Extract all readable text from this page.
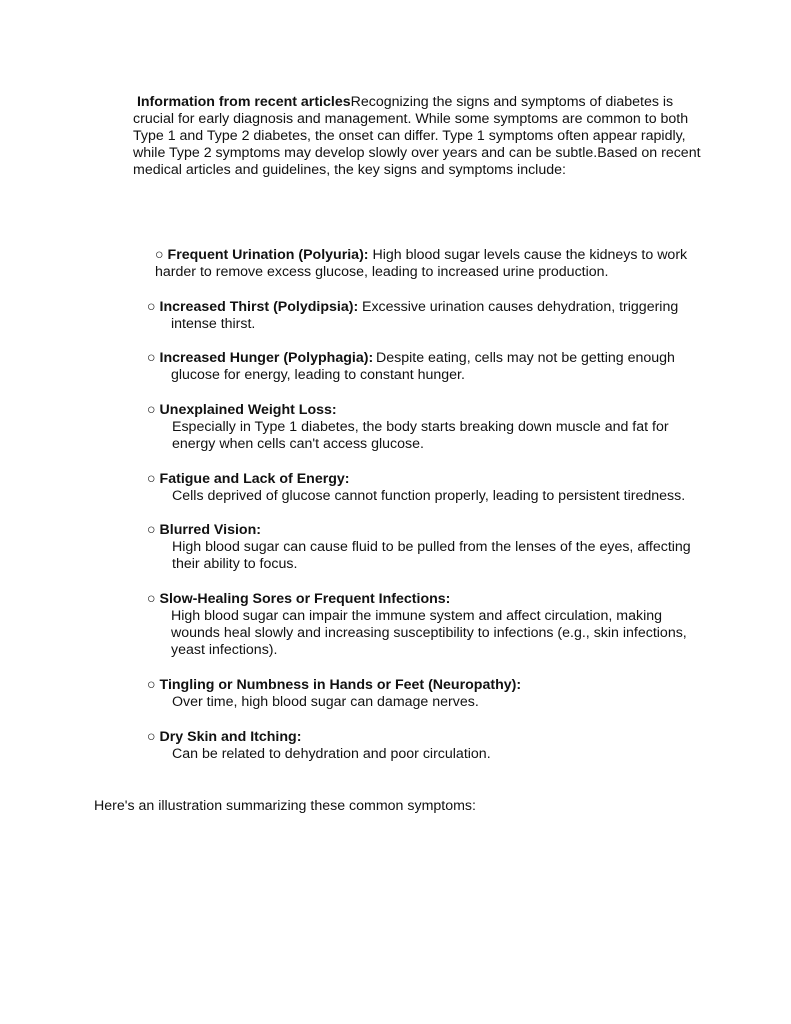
Information from recent articlesRecognizing the signs and symptoms of diabetes is crucial for early diagnosis and management. While some symptoms are common to both Type 1 and Type 2 diabetes, the onset can differ. Type 1 symptoms often appear rapidly, while Type 2 symptoms may develop slowly over years and can be subtle.Based on recent medical articles and guidelines, the key signs and symptoms include:
○ Frequent Urination (Polyuria): High blood sugar levels cause the kidneys to work harder to remove excess glucose, leading to increased urine production.
○ Increased Thirst (Polydipsia): Excessive urination causes dehydration, triggering intense thirst.
○ Increased Hunger (Polyphagia): Despite eating, cells may not be getting enough glucose for energy, leading to constant hunger.
○ Unexplained Weight Loss:
Especially in Type 1 diabetes, the body starts breaking down muscle and fat for energy when cells can't access glucose.
○ Fatigue and Lack of Energy:
Cells deprived of glucose cannot function properly, leading to persistent tiredness.
○ Blurred Vision:
High blood sugar can cause fluid to be pulled from the lenses of the eyes, affecting their ability to focus.
○ Slow-Healing Sores or Frequent Infections:
High blood sugar can impair the immune system and affect circulation, making wounds heal slowly and increasing susceptibility to infections (e.g., skin infections, yeast infections).
○ Tingling or Numbness in Hands or Feet (Neuropathy):
Over time, high blood sugar can damage nerves.
○ Dry Skin and Itching:
Can be related to dehydration and poor circulation.
Here's an illustration summarizing these common symptoms:
